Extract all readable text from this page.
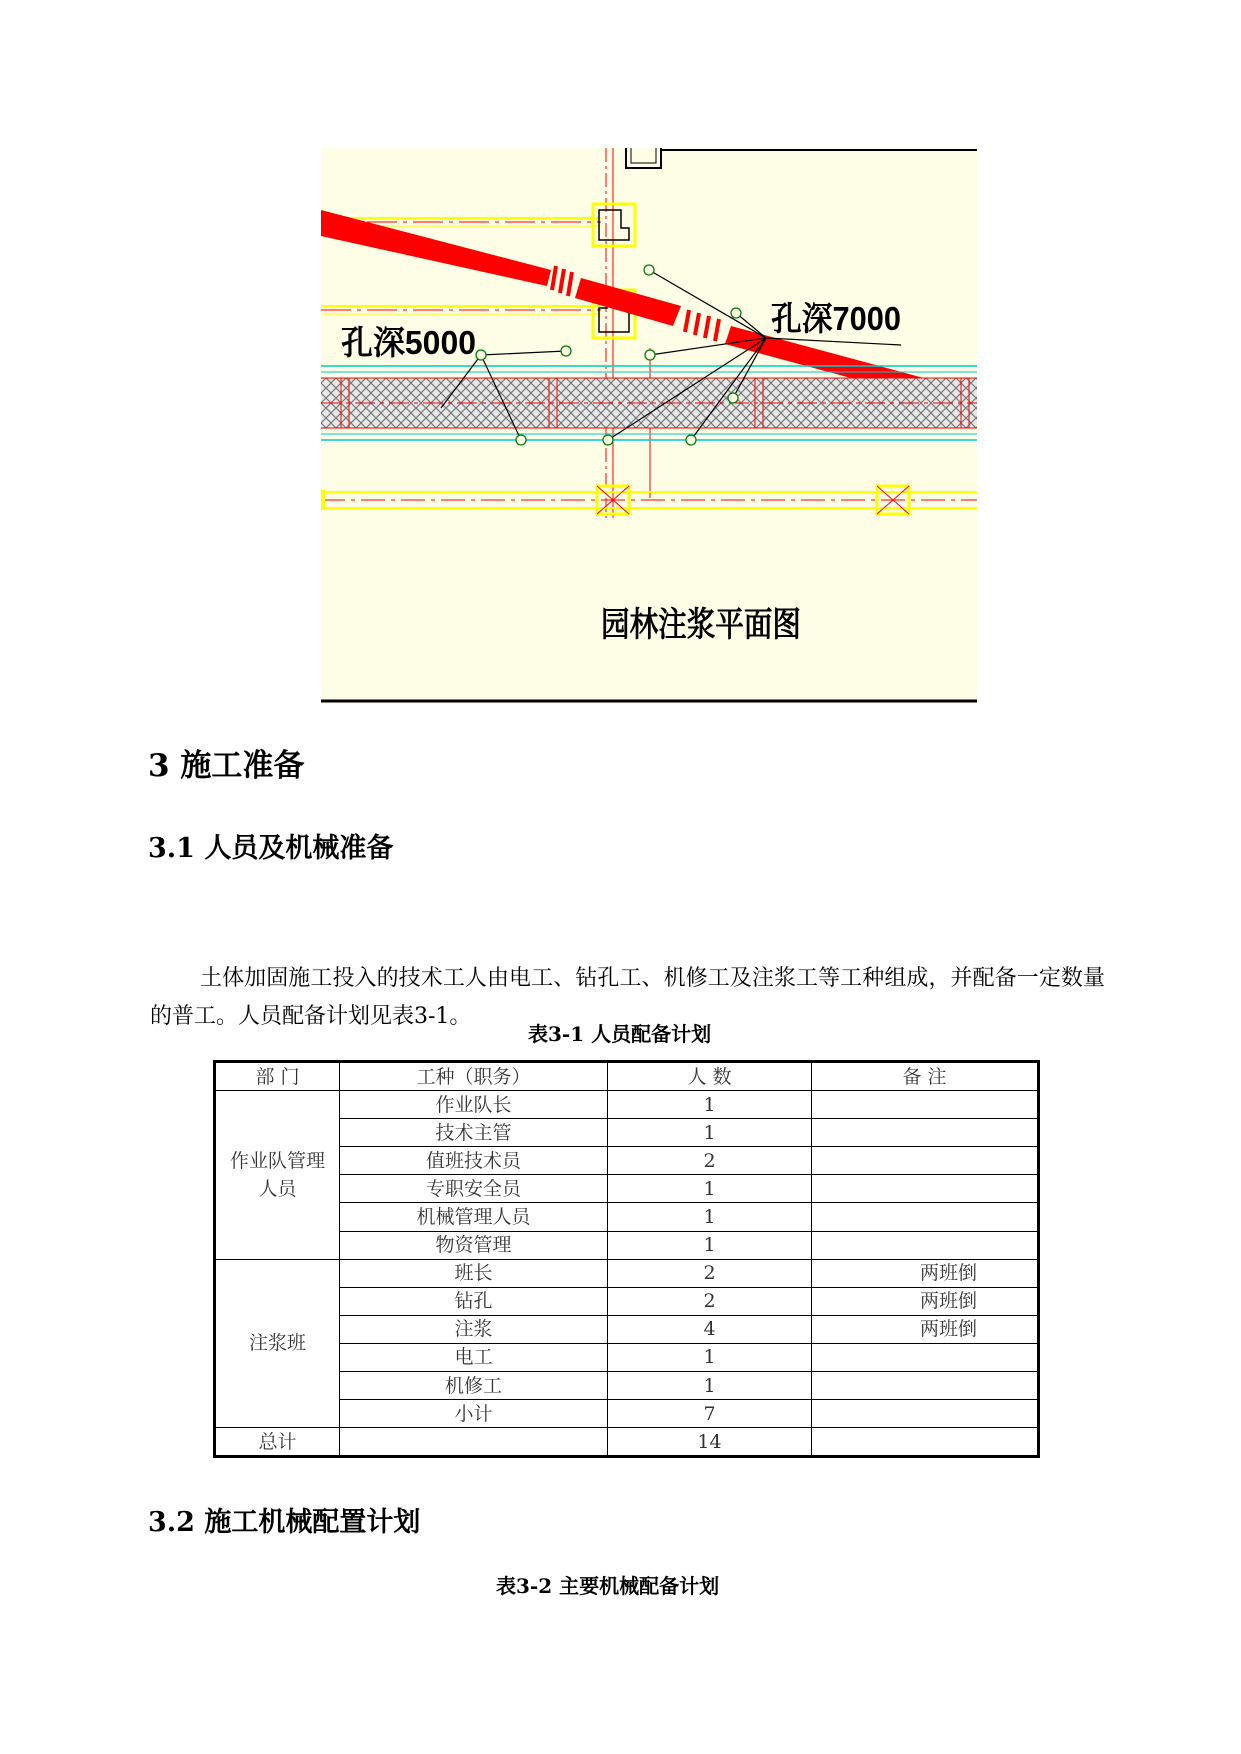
孔深5000
孔深7000
园林注浆平面图
3 施工准备
3.1 人员及机械准备

土体加固施工投入的技术工人由电工、钻孔工、机修工及注浆工等工种组成，并配备一定数量的普工。人员配备计划见表3-1。

表3-1 人员配备计划
部 门	工种（职务）	人 数	备 注
作业队管理人员	作业队长	1	
	技术主管	1	
	值班技术员	2	
	专职安全员	1	
	机械管理人员	1	
	物资管理	1	
注浆班	班长	2	两班倒
	钻孔	2	两班倒
	注浆	4	两班倒
	电工	1	
	机修工	1	
	小计	7	
总计		14	
3.2 施工机械配置计划
表3-2 主要机械配备计划
